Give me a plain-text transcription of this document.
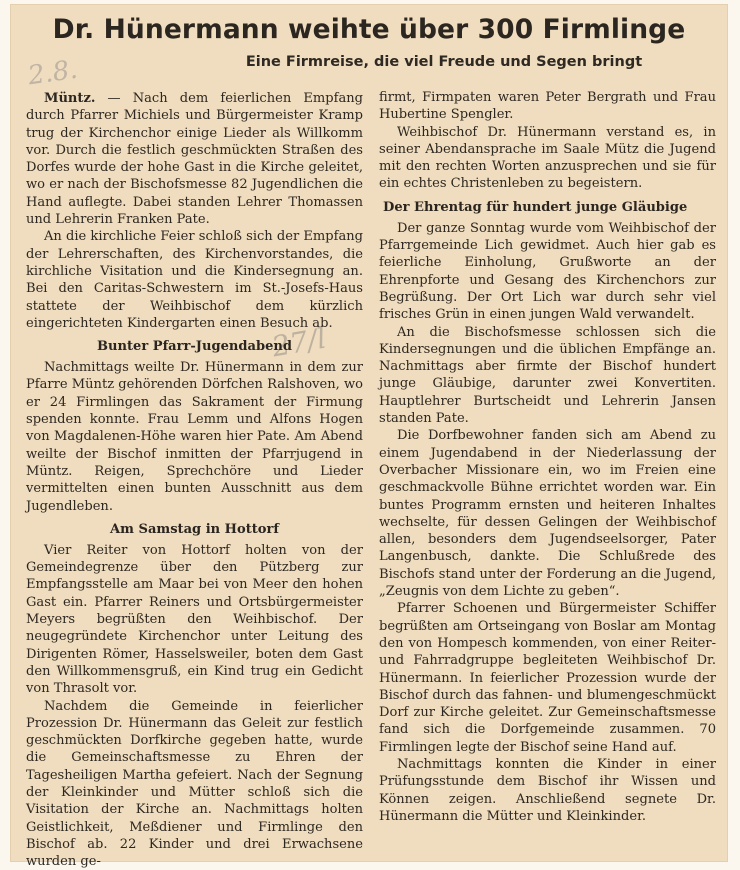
2.8.
27/l
Dr. Hünermann weihte über 300 Firmlinge
Eine Firmreise, die viel Freude und Segen bringt

Müntz. — Nach dem feierlichen Empfang durch Pfarrer Michiels und Bürgermeister Kramp trug der Kirchenchor einige Lieder als Willkomm vor. Durch die festlich geschmückten Straßen des Dorfes wurde der hohe Gast in die Kirche geleitet, wo er nach der Bischofsmesse 82 Jugendlichen die Hand auflegte. Dabei standen Lehrer Thomassen und Lehrerin Franken Pate.

An die kirchliche Feier schloß sich der Empfang der Lehrerschaften, des Kirchenvorstandes, die kirchliche Visitation und die Kindersegnung an. Bei den Caritas-Schwestern im St.-Josefs-Haus stattete der Weihbischof dem kürzlich eingerichteten Kindergarten einen Besuch ab.

Bunter Pfarr-Jugendabend

Nachmittags weilte Dr. Hünermann in dem zur Pfarre Müntz gehörenden Dörfchen Ralshoven, wo er 24 Firmlingen das Sakrament der Firmung spenden konnte. Frau Lemm und Alfons Hogen von Magdalenen-Höhe waren hier Pate. Am Abend weilte der Bischof inmitten der Pfarrjugend in Müntz. Reigen, Sprechchöre und Lieder vermittelten einen bunten Ausschnitt aus dem Jugendleben.

Am Samstag in Hottorf

Vier Reiter von Hottorf holten von der Gemeindegrenze über den Pützberg zur Empfangsstelle am Maar bei von Meer den hohen Gast ein. Pfarrer Reiners und Ortsbürgermeister Meyers begrüßten den Weihbischof. Der neugegründete Kirchenchor unter Leitung des Dirigenten Römer, Hasselsweiler, boten dem Gast den Willkommensgruß, ein Kind trug ein Gedicht von Thrasolt vor.

Nachdem die Gemeinde in feierlicher Prozession Dr. Hünermann das Geleit zur festlich geschmückten Dorfkirche gegeben hatte, wurde die Gemeinschaftsmesse zu Ehren der Tagesheiligen Martha gefeiert. Nach der Segnung der Kleinkinder und Mütter schloß sich die Visitation der Kirche an. Nachmittags holten Geistlichkeit, Meßdiener und Firmlinge den Bischof ab. 22 Kinder und drei Erwachsene wurden ge-

firmt, Firmpaten waren Peter Bergrath und Frau Hubertine Spengler.

Weihbischof Dr. Hünermann verstand es, in seiner Abendansprache im Saale Mütz die Jugend mit den rechten Worten anzusprechen und sie für ein echtes Christenleben zu begeistern.

Der Ehrentag für hundert junge Gläubige

Der ganze Sonntag wurde vom Weihbischof der Pfarrgemeinde Lich gewidmet. Auch hier gab es feierliche Einholung, Grußworte an der Ehrenpforte und Gesang des Kirchenchors zur Begrüßung. Der Ort Lich war durch sehr viel frisches Grün in einen jungen Wald verwandelt.

An die Bischofsmesse schlossen sich die Kindersegnungen und die üblichen Empfänge an. Nachmittags aber firmte der Bischof hundert junge Gläubige, darunter zwei Konvertiten. Hauptlehrer Burtscheidt und Lehrerin Jansen standen Pate.

Die Dorfbewohner fanden sich am Abend zu einem Jugendabend in der Niederlassung der Overbacher Missionare ein, wo im Freien eine geschmackvolle Bühne errichtet worden war. Ein buntes Programm ernsten und heiteren Inhaltes wechselte, für dessen Gelingen der Weihbischof allen, besonders dem Jugendseelsorger, Pater Langenbusch, dankte. Die Schlußrede des Bischofs stand unter der Forderung an die Jugend, „Zeugnis von dem Lichte zu geben“.

Pfarrer Schoenen und Bürgermeister Schiffer begrüßten am Ortseingang von Boslar am Montag den von Hompesch kommenden, von einer Reiter- und Fahrradgruppe begleiteten Weihbischof Dr. Hünermann. In feierlicher Prozession wurde der Bischof durch das fahnen- und blumengeschmückt Dorf zur Kirche geleitet. Zur Gemeinschaftsmesse fand sich die Dorfgemeinde zusammen. 70 Firmlingen legte der Bischof seine Hand auf.

Nachmittags konnten die Kinder in einer Prüfungsstunde dem Bischof ihr Wissen und Können zeigen. Anschließend segnete Dr. Hünermann die Mütter und Kleinkinder.
